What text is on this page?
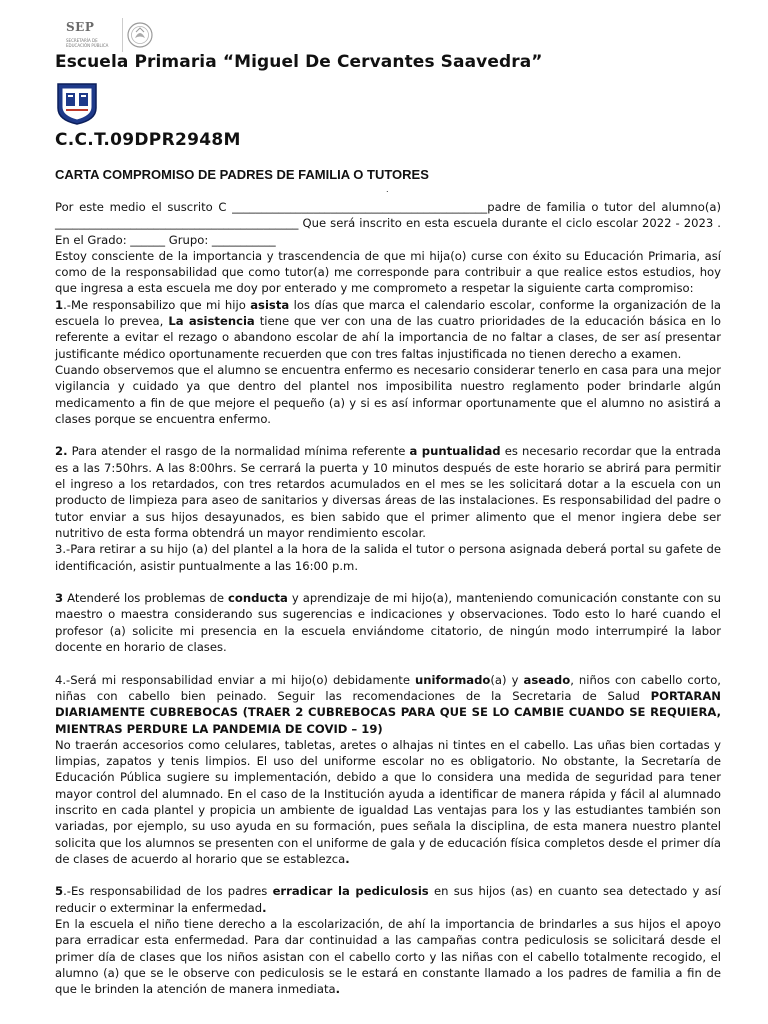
SEP
SECRETARÍA DE EDUCACIÓN PÚBLICA
Escuela Primaria “Miguel De Cervantes Saavedra”
C.C.T.09DPR2948M
CARTA COMPROMISO DE PADRES DE FAMILIA O TUTORES
.

Por este medio el suscrito C ____________________________________________padre de familia o tutor del alumno(a) __________________________________________ Que será inscrito en esta escuela durante el ciclo escolar 2022 - 2023 . En el Grado: ______ Grupo: ___________

Estoy consciente de la importancia y trascendencia de que mi hija(o) curse con éxito su Educación Primaria, así como de la responsabilidad que como tutor(a) me corresponde para contribuir a que realice estos estudios, hoy que ingresa a esta escuela me doy por enterado y me comprometo a respetar la siguiente carta compromiso:

1.-Me responsabilizo que mi hijo asista los días que marca el calendario escolar, conforme la organización de la escuela lo prevea, La asistencia tiene que ver con una de las cuatro prioridades de la educación básica en lo referente a evitar el rezago o abandono escolar de ahí la importancia de no faltar a clases, de ser así presentar justificante médico oportunamente recuerden que con tres faltas injustificada no tienen derecho a examen.

Cuando observemos que el alumno se encuentra enfermo es necesario considerar tenerlo en casa para una mejor vigilancia y cuidado ya que dentro del plantel nos imposibilita nuestro reglamento poder brindarle algún medicamento a fin de que mejore el pequeño (a) y si es así informar oportunamente que el alumno no asistirá a clases porque se encuentra enfermo.

2. Para atender el rasgo de la normalidad mínima referente a puntualidad es necesario recordar que la entrada es a las 7:50hrs. A las 8:00hrs. Se cerrará la puerta y 10 minutos después de este horario se abrirá para permitir el ingreso a los retardados, con tres retardos acumulados en el mes se les solicitará dotar a la escuela con un producto de limpieza para aseo de sanitarios y diversas áreas de las instalaciones. Es responsabilidad del padre o tutor enviar a sus hijos desayunados, es bien sabido que el primer alimento que el menor ingiera debe ser nutritivo de esta forma obtendrá un mayor rendimiento escolar.

3.-Para retirar a su hijo (a) del plantel a la hora de la salida el tutor o persona asignada deberá portal su gafete de identificación, asistir puntualmente a las 16:00 p.m.

3 Atenderé los problemas de conducta y aprendizaje de mi hijo(a), manteniendo comunicación constante con su maestro o maestra considerando sus sugerencias e indicaciones y observaciones. Todo esto lo haré cuando el profesor (a) solicite mi presencia en la escuela enviándome citatorio, de ningún modo interrumpiré la labor docente en horario de clases.

4.-Será mi responsabilidad enviar a mi hijo(o) debidamente uniformado(a) y aseado, niños con cabello corto, niñas con cabello bien peinado. Seguir las recomendaciones de la Secretaria de Salud PORTARAN DIARIAMENTE CUBREBOCAS (TRAER 2 CUBREBOCAS PARA QUE SE LO CAMBIE CUANDO SE REQUIERA, MIENTRAS PERDURE LA PANDEMIA DE COVID – 19)

No traerán accesorios como celulares, tabletas, aretes o alhajas ni tintes en el cabello. Las uñas bien cortadas y limpias, zapatos y tenis limpios. El uso del uniforme escolar no es obligatorio. No obstante, la Secretaría de Educación Pública sugiere su implementación, debido a que lo considera una medida de seguridad para tener mayor control del alumnado. En el caso de la Institución ayuda a identificar de manera rápida y fácil al alumnado inscrito en cada plantel y propicia un ambiente de igualdad Las ventajas para los y las estudiantes también son variadas, por ejemplo, su uso ayuda en su formación, pues señala la disciplina, de esta manera nuestro plantel solicita que los alumnos se presenten con el uniforme de gala y de educación física completos desde el primer día de clases de acuerdo al horario que se establezca.

5.-Es responsabilidad de los padres erradicar la pediculosis en sus hijos (as) en cuanto sea detectado y así reducir o exterminar la enfermedad.

En la escuela el niño tiene derecho a la escolarización, de ahí la importancia de brindarles a sus hijos el apoyo para erradicar esta enfermedad. Para dar continuidad a las campañas contra pediculosis se solicitará desde el primer día de clases que los niños asistan con el cabello corto y las niñas con el cabello totalmente recogido, el alumno (a) que se le observe con pediculosis se le estará en constante llamado a los padres de familia a fin de que le brinden la atención de manera inmediata.
